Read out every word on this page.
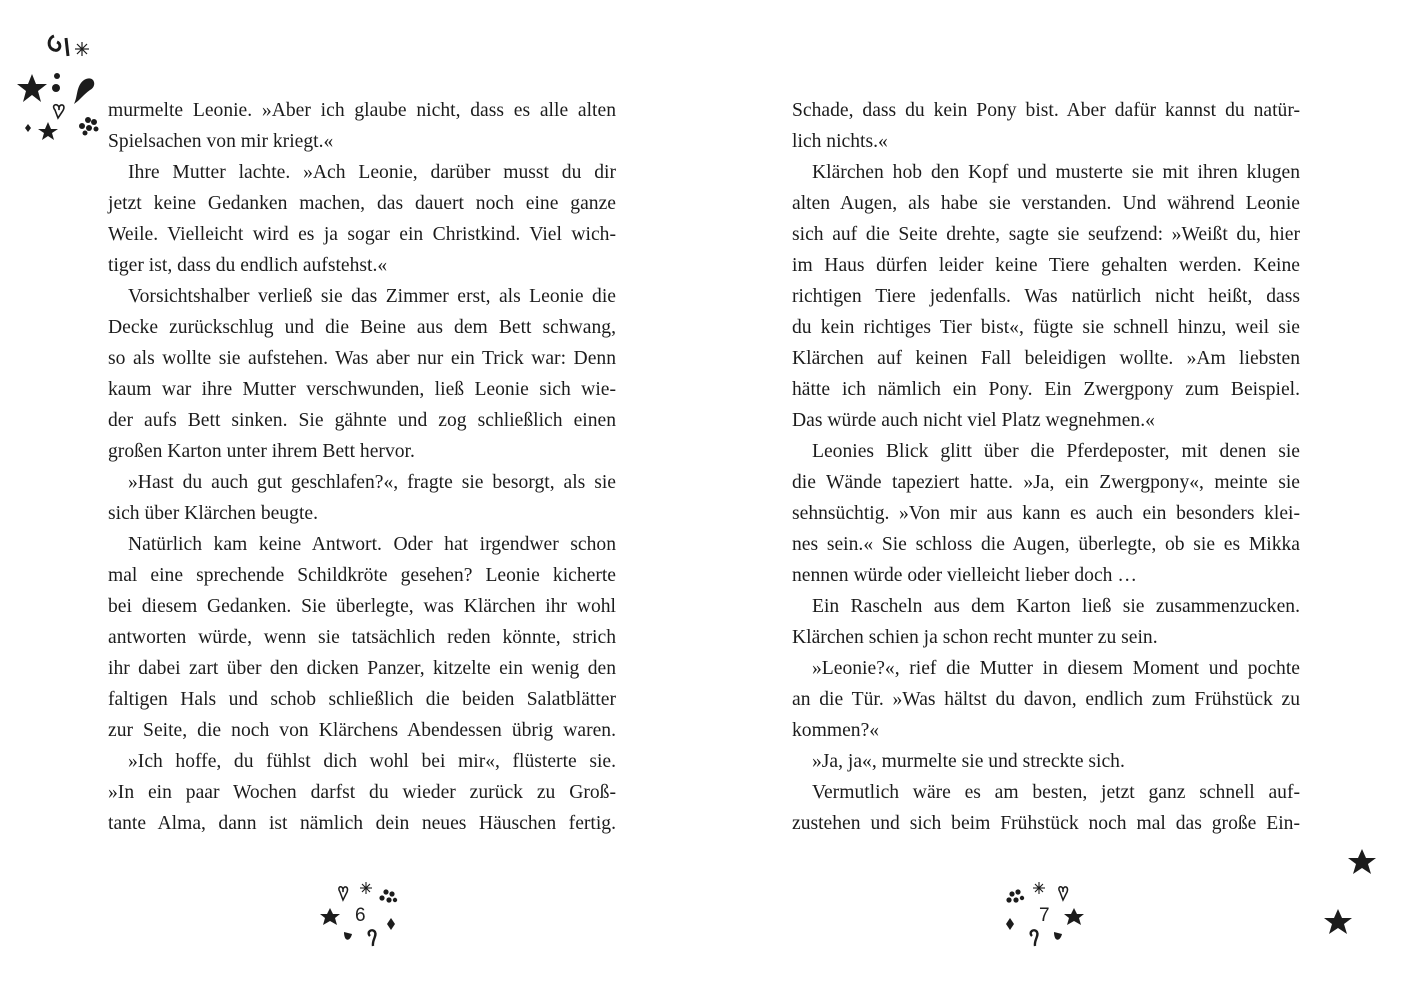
murmelte Leonie. »Aber ich glaube nicht, dass es alle alten
Spielsachen von mir kriegt.«
Ihre Mutter lachte. »Ach Leonie, darüber musst du dir
jetzt keine Gedanken machen, das dauert noch eine ganze
Weile. Vielleicht wird es ja sogar ein Christkind. Viel wich-
tiger ist, dass du endlich aufstehst.«
Vorsichtshalber verließ sie das Zimmer erst, als Leonie die
Decke zurückschlug und die Beine aus dem Bett schwang,
so als wollte sie aufstehen. Was aber nur ein Trick war: Denn
kaum war ihre Mutter verschwunden, ließ Leonie sich wie-
der aufs Bett sinken. Sie gähnte und zog schließlich einen
großen Karton unter ihrem Bett hervor.
»Hast du auch gut geschlafen?«, fragte sie besorgt, als sie
sich über Klärchen beugte.
Natürlich kam keine Antwort. Oder hat irgendwer schon
mal eine sprechende Schildkröte gesehen? Leonie kicherte
bei diesem Gedanken. Sie überlegte, was Klärchen ihr wohl
antworten würde, wenn sie tatsächlich reden könnte, strich
ihr dabei zart über den dicken Panzer, kitzelte ein wenig den
faltigen Hals und schob schließlich die beiden Salatblätter
zur Seite, die noch von Klärchens Abendessen übrig waren.
»Ich hoffe, du fühlst dich wohl bei mir«, flüsterte sie.
»In ein paar Wochen darfst du wieder zurück zu Groß-
tante Alma, dann ist nämlich dein neues Häuschen fertig.
Schade, dass du kein Pony bist. Aber dafür kannst du natür-
lich nichts.«
Klärchen hob den Kopf und musterte sie mit ihren klugen
alten Augen, als habe sie verstanden. Und während Leonie
sich auf die Seite drehte, sagte sie seufzend: »Weißt du, hier
im Haus dürfen leider keine Tiere gehalten werden. Keine
richtigen Tiere jedenfalls. Was natürlich nicht heißt, dass
du kein richtiges Tier bist«, fügte sie schnell hinzu, weil sie
Klärchen auf keinen Fall beleidigen wollte. »Am liebsten
hätte ich nämlich ein Pony. Ein Zwergpony zum Beispiel.
Das würde auch nicht viel Platz wegnehmen.«
Leonies Blick glitt über die Pferdeposter, mit denen sie
die Wände tapeziert hatte. »Ja, ein Zwergpony«, meinte sie
sehnsüchtig. »Von mir aus kann es auch ein besonders klei-
nes sein.« Sie schloss die Augen, überlegte, ob sie es Mikka
nennen würde oder vielleicht lieber doch …
Ein Rascheln aus dem Karton ließ sie zusammenzucken.
Klärchen schien ja schon recht munter zu sein.
»Leonie?«, rief die Mutter in diesem Moment und pochte
an die Tür. »Was hältst du davon, endlich zum Frühstück zu
kommen?«
»Ja, ja«, murmelte sie und streckte sich.
Vermutlich wäre es am besten, jetzt ganz schnell auf-
zustehen und sich beim Frühstück noch mal das große Ein-
6	7
